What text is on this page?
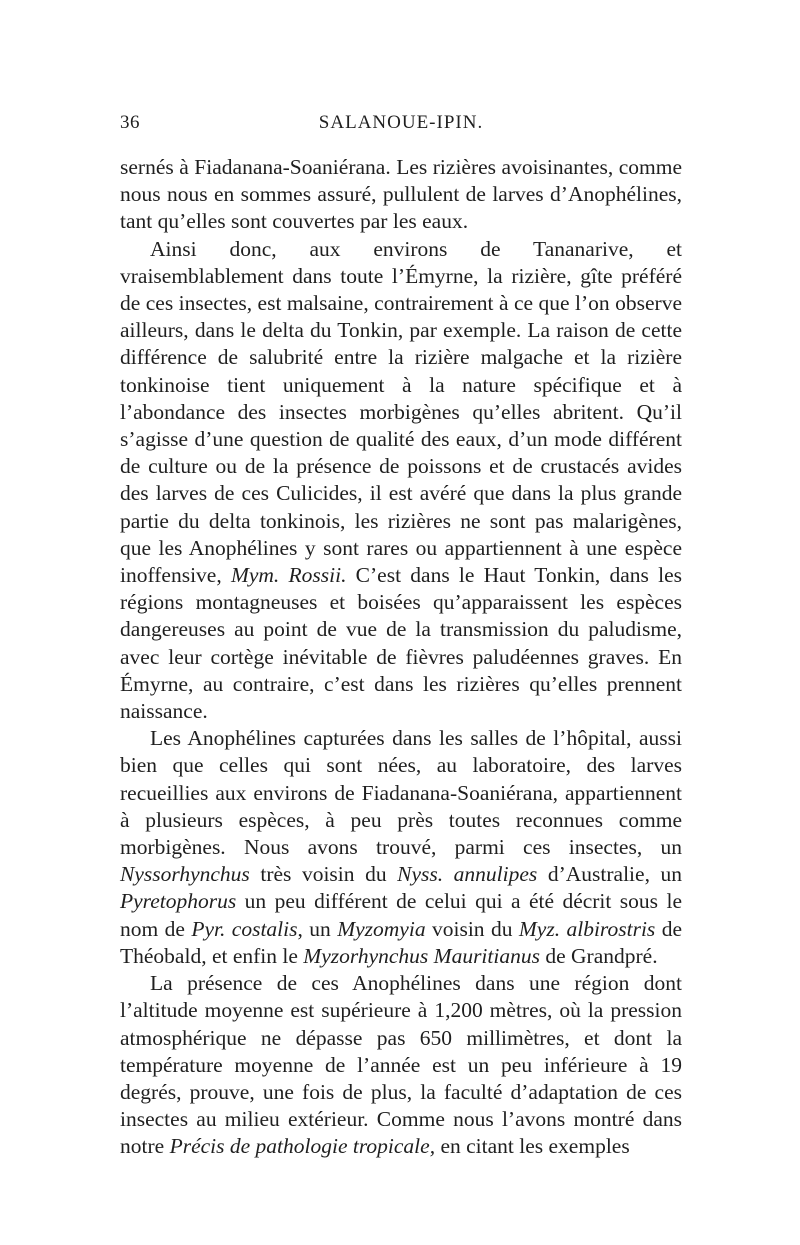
36	SALANOUE-IPIN.

sernés à Fiadanana-Soaniérana. Les rizières avoisinantes, comme nous nous en sommes assuré, pullulent de larves d’Anophélines, tant qu’elles sont couvertes par les eaux.

Ainsi donc, aux environs de Tananarive, et vraisemblablement dans toute l’Émyrne, la rizière, gîte préféré de ces insectes, est malsaine, contrairement à ce que l’on observe ailleurs, dans le delta du Tonkin, par exemple. La raison de cette différence de salubrité entre la rizière malgache et la rizière tonkinoise tient uniquement à la nature spécifique et à l’abondance des insectes morbigènes qu’elles abritent. Qu’il s’agisse d’une question de qualité des eaux, d’un mode différent de culture ou de la présence de poissons et de crustacés avides des larves de ces Culicides, il est avéré que dans la plus grande partie du delta tonkinois, les rizières ne sont pas malarigènes, que les Anophélines y sont rares ou appartiennent à une espèce inoffensive, Mym. Rossii. C’est dans le Haut Tonkin, dans les régions montagneuses et boisées qu’apparaissent les espèces dangereuses au point de vue de la transmission du paludisme, avec leur cortège inévitable de fièvres paludéennes graves. En Émyrne, au contraire, c’est dans les rizières qu’elles prennent naissance.

Les Anophélines capturées dans les salles de l’hôpital, aussi bien que celles qui sont nées, au laboratoire, des larves recueillies aux environs de Fiadanana-Soaniérana, appartiennent à plusieurs espèces, à peu près toutes reconnues comme morbigènes. Nous avons trouvé, parmi ces insectes, un Nyssorhynchus très voisin du Nyss. annulipes d’Australie, un Pyretophorus un peu différent de celui qui a été décrit sous le nom de Pyr. costalis, un Myzomyia voisin du Myz. albirostris de Théobald, et enfin le Myzorhynchus Mauritianus de Grandpré.

La présence de ces Anophélines dans une région dont l’altitude moyenne est supérieure à 1,200 mètres, où la pression atmosphérique ne dépasse pas 650 millimètres, et dont la température moyenne de l’année est un peu inférieure à 19 degrés, prouve, une fois de plus, la faculté d’adaptation de ces insectes au milieu extérieur. Comme nous l’avons montré dans notre Précis de pathologie tropicale, en citant les exemples
